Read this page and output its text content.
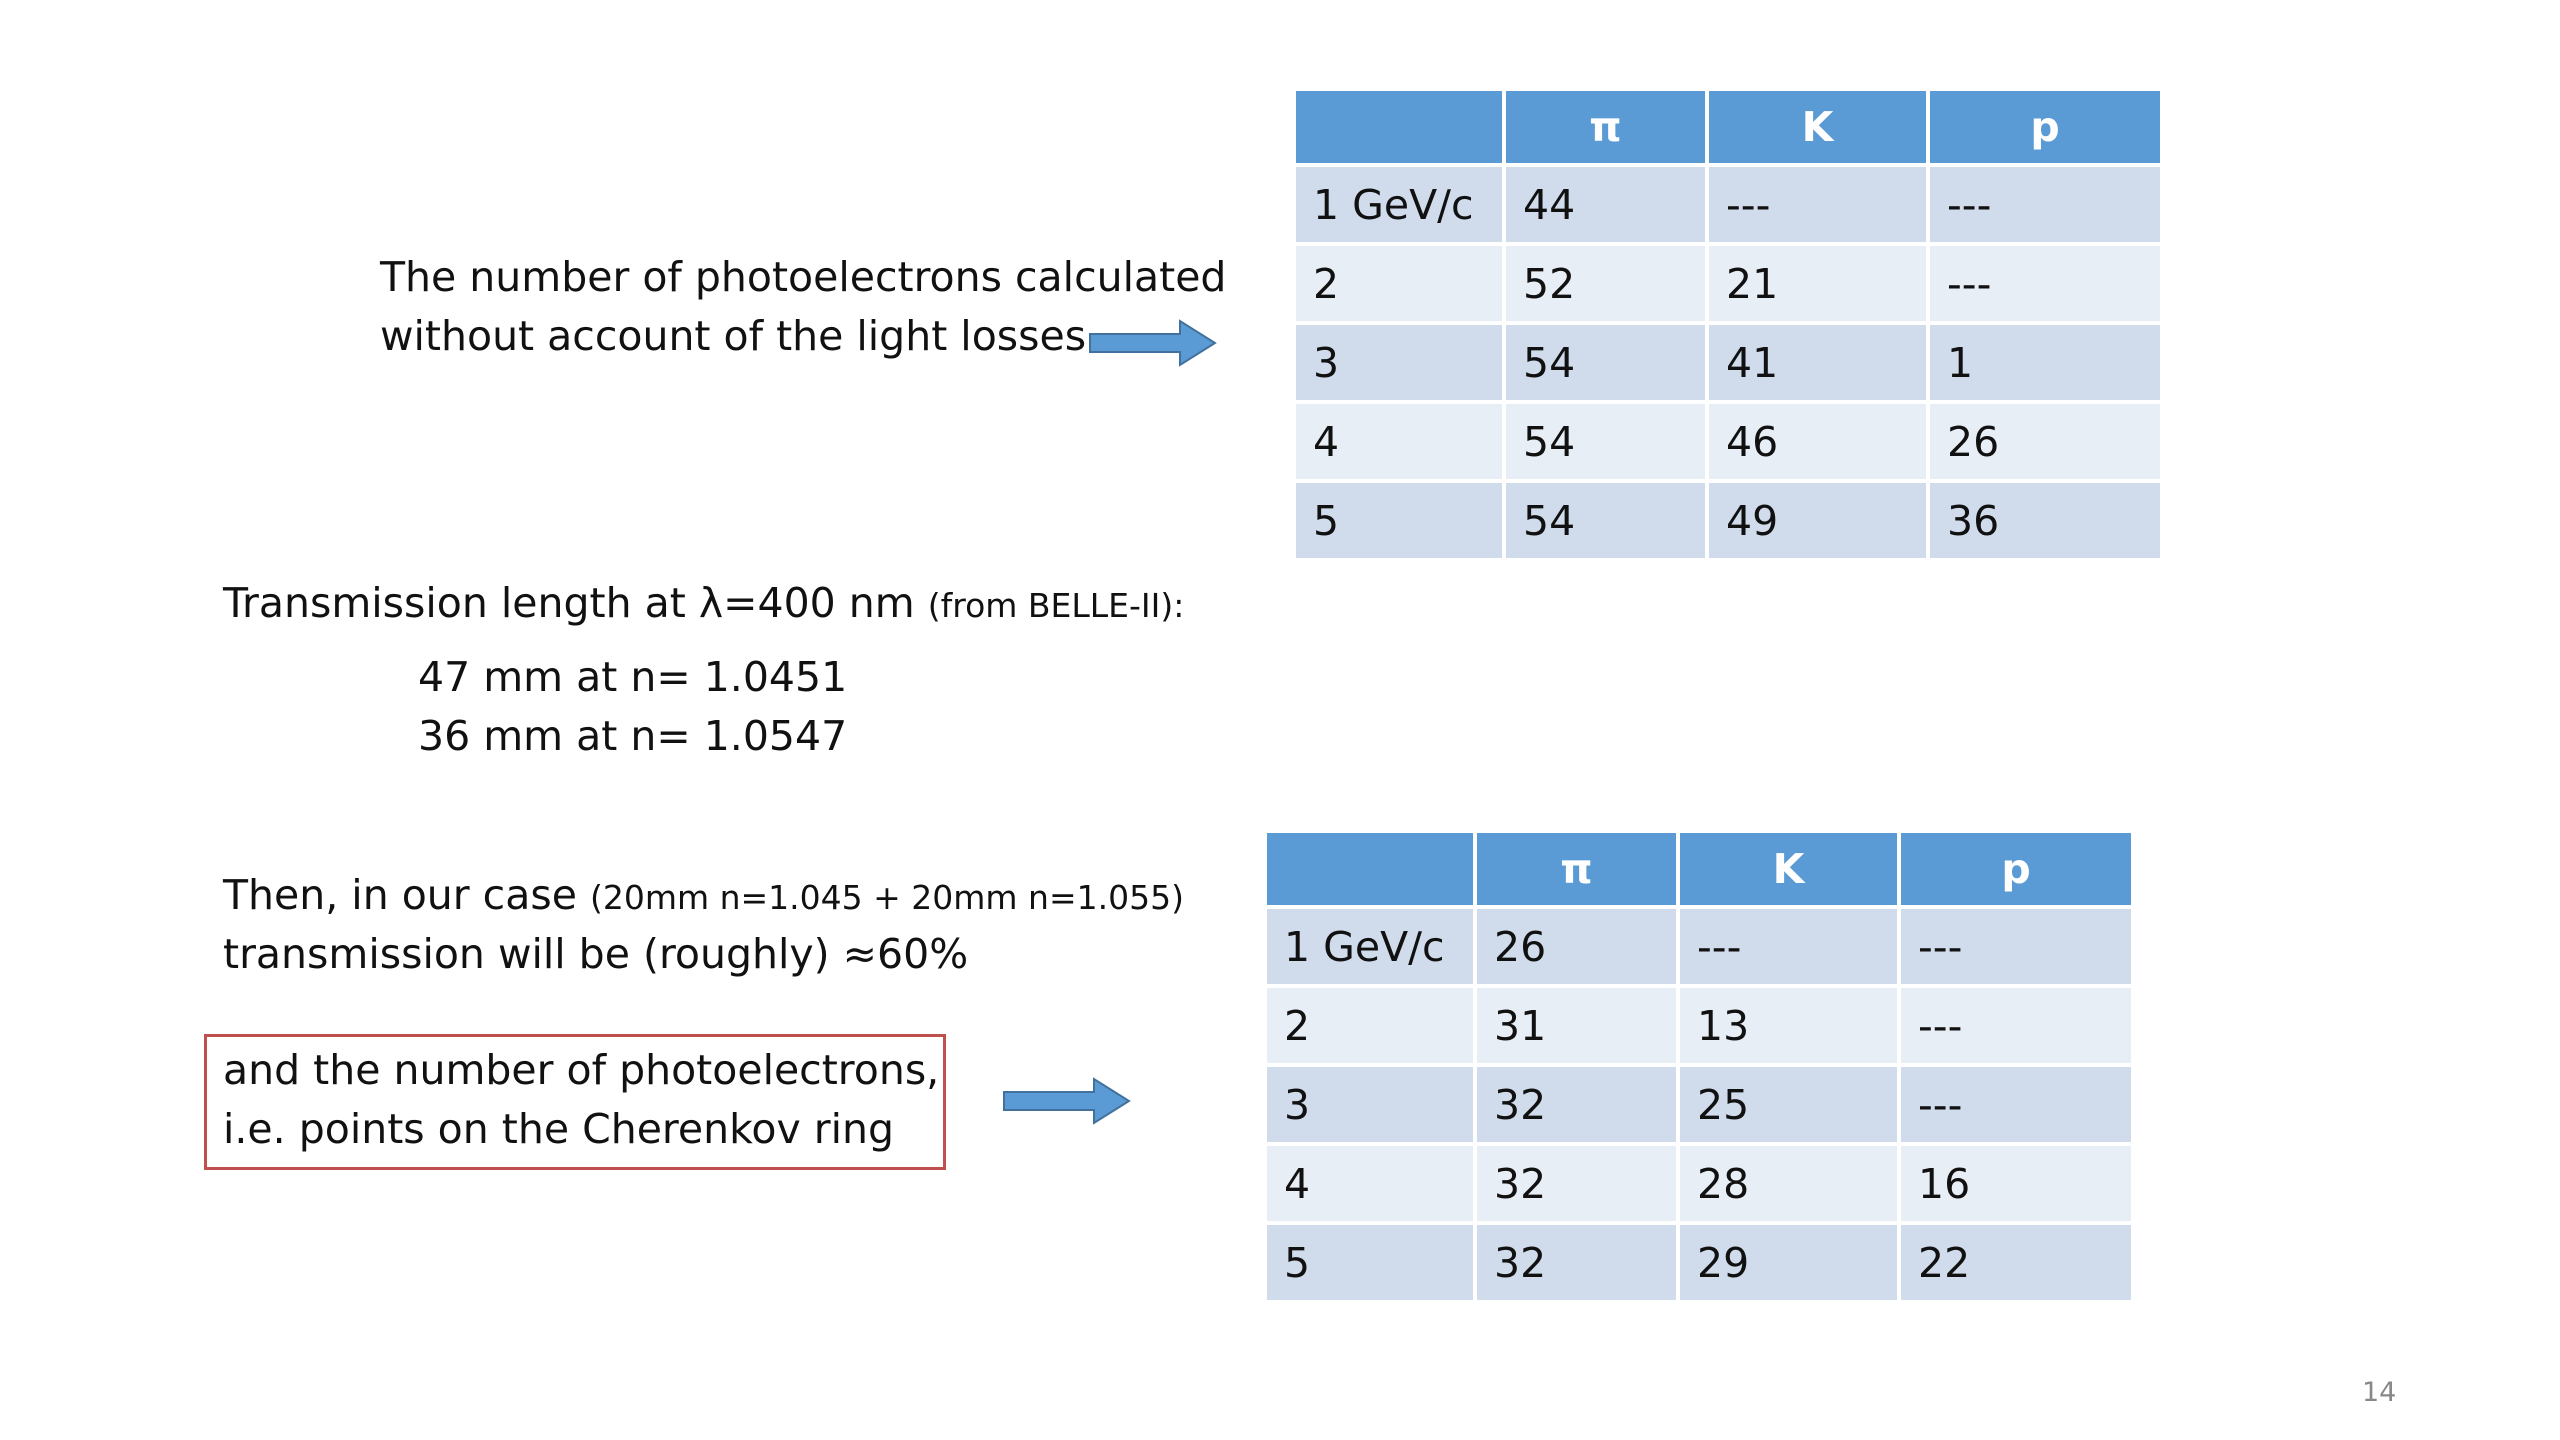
The number of photoelectrons calculated
without account of the light losses
	π	K	p
1 GeV/c	44	---	---
2	52	21	---
3	54	41	1
4	54	46	26
5	54	49	36
Transmission length at λ=400 nm (from BELLE-II):
47 mm at n= 1.0451
36 mm at n= 1.0547
Then, in our case (20mm n=1.045 + 20mm n=1.055)
transmission will be (roughly) ≈60%
and the number of photoelectrons,
i.e. points on the Cherenkov ring
	π	K	p
1 GeV/c	26	---	---
2	31	13	---
3	32	25	---
4	32	28	16
5	32	29	22
14
